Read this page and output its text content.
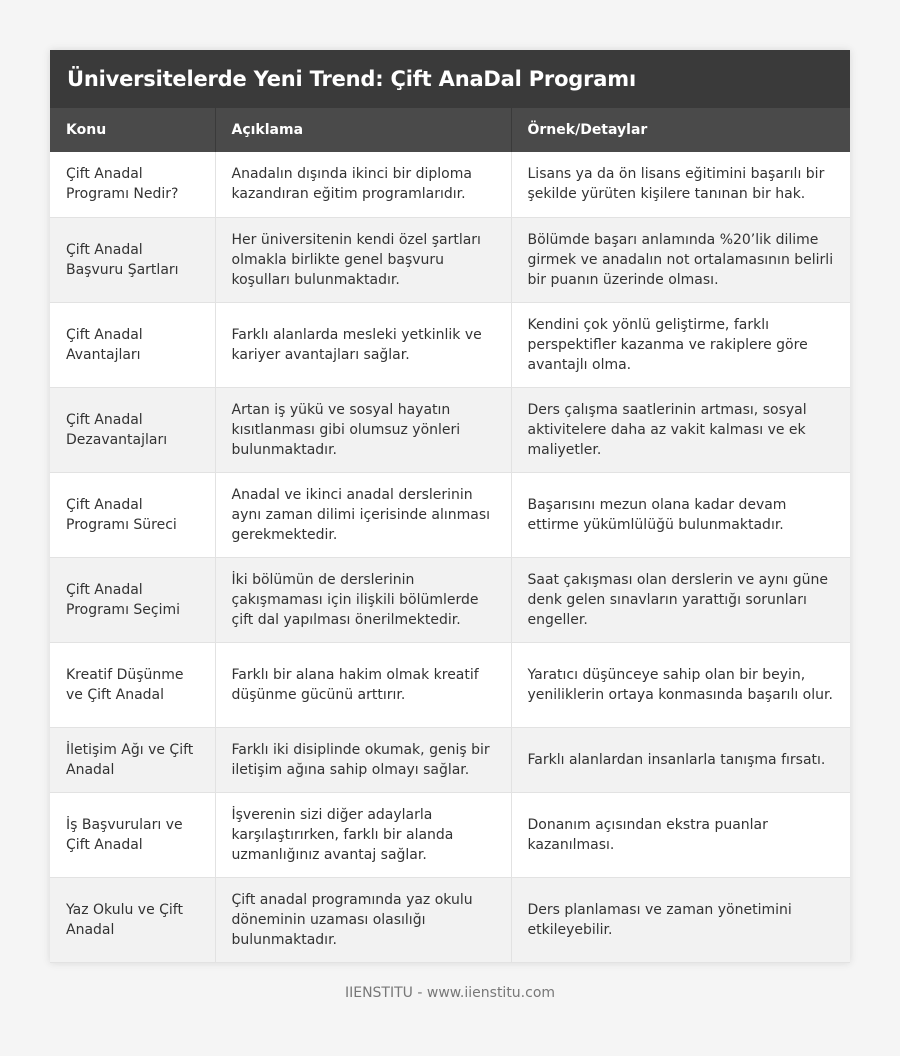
Üniversitelerde Yeni Trend: Çift AnaDal Programı
Konu	Açıklama	Örnek/Detaylar
Çift Anadal Programı Nedir?	Anadalın dışında ikinci bir diploma kazandıran eğitim programlarıdır.	Lisans ya da ön lisans eğitimini başarılı bir şekilde yürüten kişilere tanınan bir hak.
Çift Anadal Başvuru Şartları	Her üniversitenin kendi özel şartları olmakla birlikte genel başvuru koşulları bulunmaktadır.	Bölümde başarı anlamında %20’lik dilime girmek ve anadalın not ortalamasının belirli bir puanın üzerinde olması.
Çift Anadal Avantajları	Farklı alanlarda mesleki yetkinlik ve kariyer avantajları sağlar.	Kendini çok yönlü geliştirme, farklı perspektifler kazanma ve rakiplere göre avantajlı olma.
Çift Anadal Dezavantajları	Artan iş yükü ve sosyal hayatın kısıtlanması gibi olumsuz yönleri bulunmaktadır.	Ders çalışma saatlerinin artması, sosyal aktivitelere daha az vakit kalması ve ek maliyetler.
Çift Anadal Programı Süreci	Anadal ve ikinci anadal derslerinin aynı zaman dilimi içerisinde alınması gerekmektedir.	Başarısını mezun olana kadar devam ettirme yükümlülüğü bulunmaktadır.
Çift Anadal Programı Seçimi	İki bölümün de derslerinin çakışmaması için ilişkili bölümlerde çift dal yapılması önerilmektedir.	Saat çakışması olan derslerin ve aynı güne denk gelen sınavların yarattığı sorunları engeller.
Kreatif Düşünme ve Çift Anadal	Farklı bir alana hakim olmak kreatif düşünme gücünü arttırır.	Yaratıcı düşünceye sahip olan bir beyin, yeniliklerin ortaya konmasında başarılı olur.
İletişim Ağı ve Çift Anadal	Farklı iki disiplinde okumak, geniş bir iletişim ağına sahip olmayı sağlar.	Farklı alanlardan insanlarla tanışma fırsatı.
İş Başvuruları ve Çift Anadal	İşverenin sizi diğer adaylarla karşılaştırırken, farklı bir alanda uzmanlığınız avantaj sağlar.	Donanım açısından ekstra puanlar kazanılması.
Yaz Okulu ve Çift Anadal	Çift anadal programında yaz okulu döneminin uzaması olasılığı bulunmaktadır.	Ders planlaması ve zaman yönetimini etkileyebilir.
IIENSTITU - www.iienstitu.com
